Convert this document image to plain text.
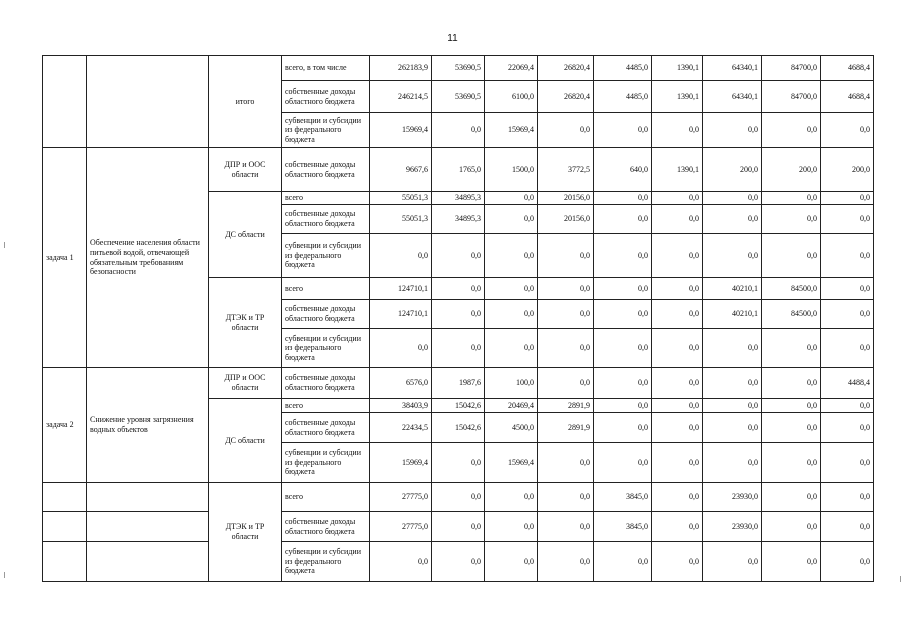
11
		итого	всего, в том числе	262183,9	53690,5	22069,4	26820,4	4485,0	1390,1	64340,1	84700,0	4688,4
			собственные доходы областного бюджета	246214,5	53690,5	6100,0	26820,4	4485,0	1390,1	64340,1	84700,0	4688,4
			субвенции и субсидии из федерального бюджета	15969,4	0,0	15969,4	0,0	0,0	0,0	0,0	0,0	0,0
задача 1	Обеспечение населения области питьевой водой, отвечающей обязательным требованиям безопасности	ДПР и ООС области	собственные доходы областного бюджета	9667,6	1765,0	1500,0	3772,5	640,0	1390,1	200,0	200,0	200,0
		ДС области	всего	55051,3	34895,3	0,0	20156,0	0,0	0,0	0,0	0,0	0,0
			собственные доходы областного бюджета	55051,3	34895,3	0,0	20156,0	0,0	0,0	0,0	0,0	0,0
			субвенции и субсидии из федерального бюджета	0,0	0,0	0,0	0,0	0,0	0,0	0,0	0,0	0,0
		ДТЭК и ТР области	всего	124710,1	0,0	0,0	0,0	0,0	0,0	40210,1	84500,0	0,0
			собственные доходы областного бюджета	124710,1	0,0	0,0	0,0	0,0	0,0	40210,1	84500,0	0,0
			субвенции и субсидии из федерального бюджета	0,0	0,0	0,0	0,0	0,0	0,0	0,0	0,0	0,0
задача 2	Снижение уровня загрязнения водных объектов	ДПР и ООС области	собственные доходы областного бюджета	6576,0	1987,6	100,0	0,0	0,0	0,0	0,0	0,0	4488,4
		ДС области	всего	38403,9	15042,6	20469,4	2891,9	0,0	0,0	0,0	0,0	0,0
			собственные доходы областного бюджета	22434,5	15042,6	4500,0	2891,9	0,0	0,0	0,0	0,0	0,0
			субвенции и субсидии из федерального бюджета	15969,4	0,0	15969,4	0,0	0,0	0,0	0,0	0,0	0,0
		ДТЭК и ТР области	всего	27775,0	0,0	0,0	0,0	3845,0	0,0	23930,0	0,0	0,0
			собственные доходы областного бюджета	27775,0	0,0	0,0	0,0	3845,0	0,0	23930,0	0,0	0,0
			субвенции и субсидии из федерального бюджета	0,0	0,0	0,0	0,0	0,0	0,0	0,0	0,0	0,0
